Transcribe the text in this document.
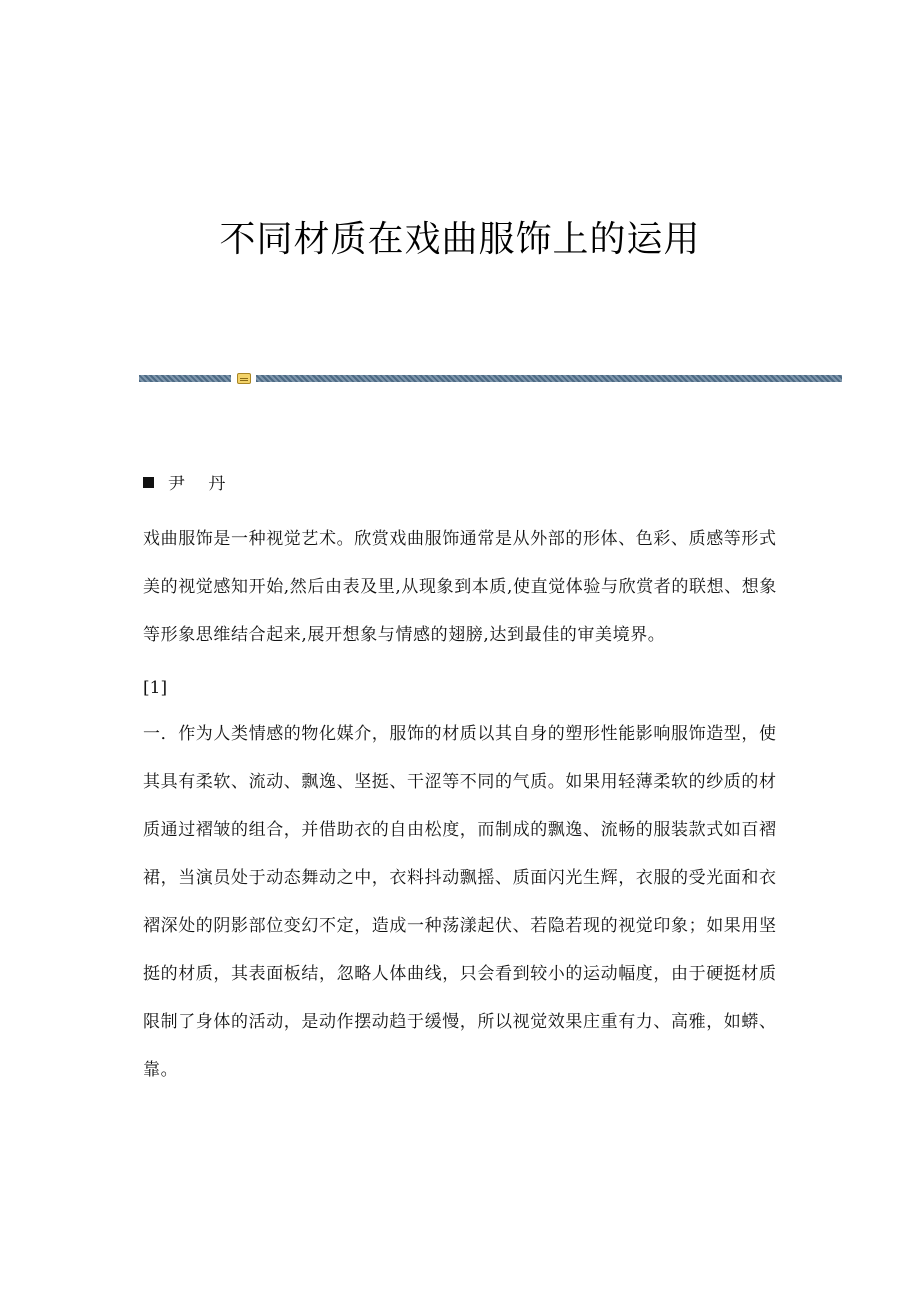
不同材质在戏曲服饰上的运用
尹 丹

戏曲服饰是一种视觉艺术。欣赏戏曲服饰通常是从外部的形体、色彩、质感等形式美的视觉感知开始,然后由表及里,从现象到本质,使直觉体验与欣赏者的联想、想象等形象思维结合起来,展开想象与情感的翅膀,达到最佳的审美境界。

[1]

一．作为人类情感的物化媒介，服饰的材质以其自身的塑形性能影响服饰造型，使其具有柔软、流动、飘逸、坚挺、干涩等不同的气质。如果用轻薄柔软的纱质的材质通过褶皱的组合，并借助衣的自由松度，而制成的飘逸、流畅的服装款式如百褶裙，当演员处于动态舞动之中，衣料抖动飘摇、质面闪光生辉，衣服的受光面和衣褶深处的阴影部位变幻不定，造成一种荡漾起伏、若隐若现的视觉印象；如果用坚挺的材质，其表面板结，忽略人体曲线，只会看到较小的运动幅度，由于硬挺材质限制了身体的活动，是动作摆动趋于缓慢，所以视觉效果庄重有力、高雅，如蟒、靠。
